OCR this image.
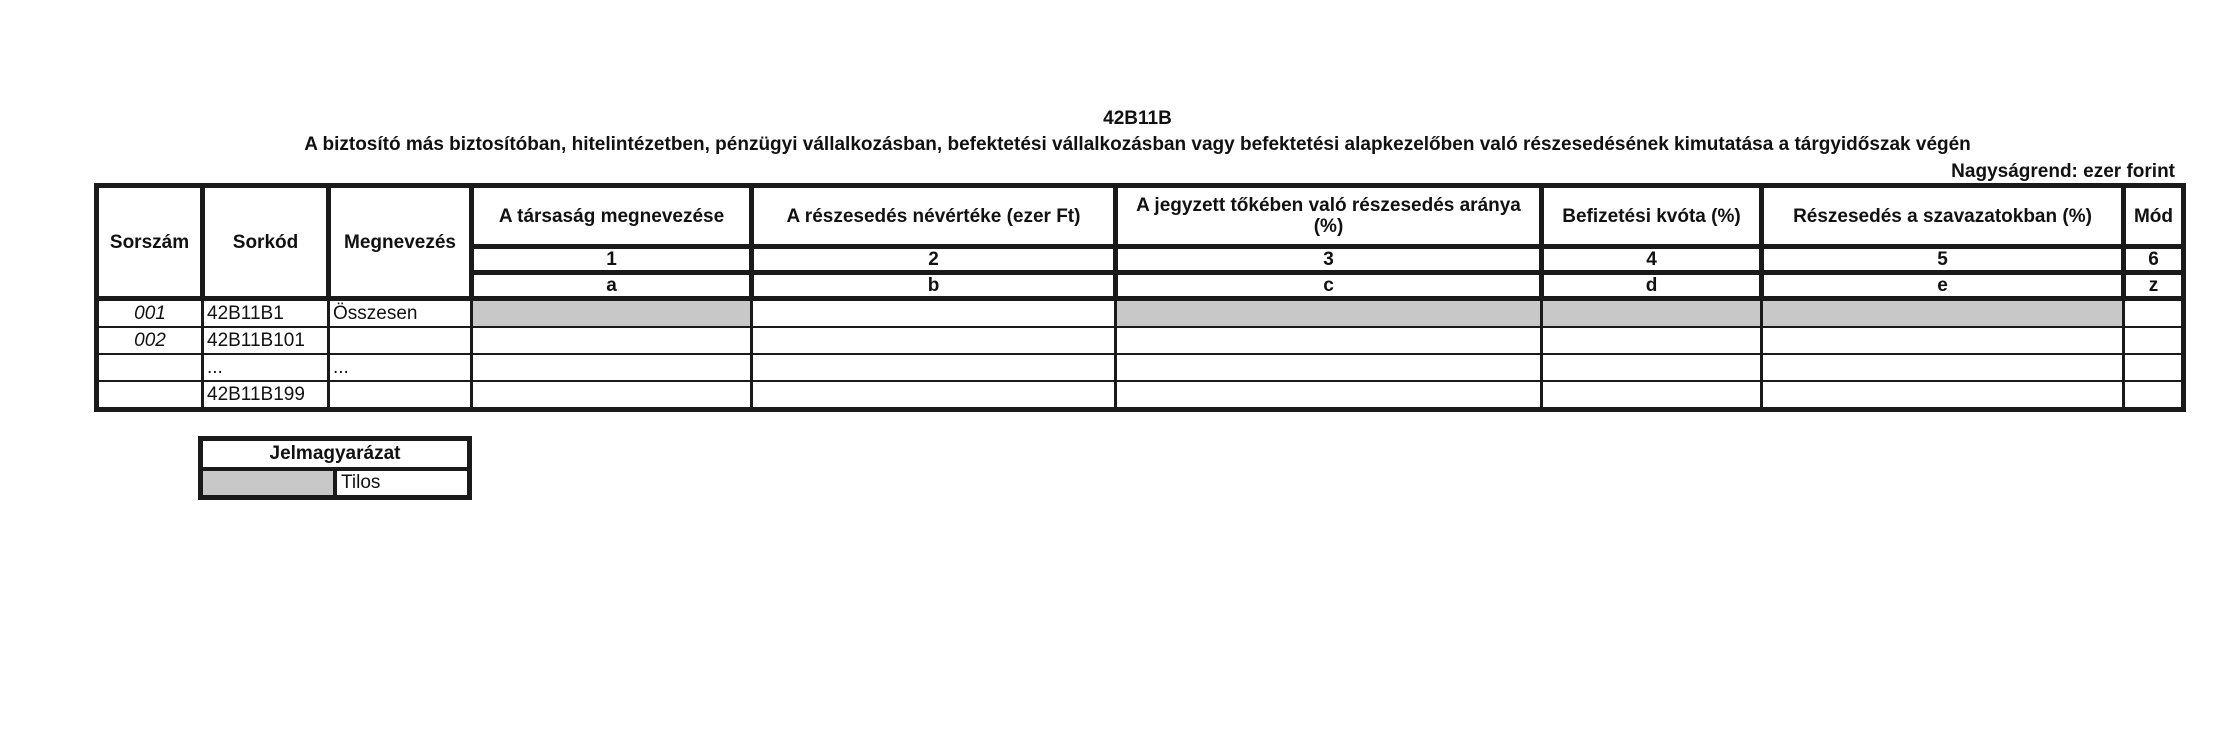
42B11B
A biztosító más biztosítóban, hitelintézetben, pénzügyi vállalkozásban, befektetési vállalkozásban vagy befektetési alapkezelőben való részesedésének kimutatása a tárgyidőszak végén
Nagyságrend: ezer forint
Sorszám	Sorkód	Megnevezés	A társaság megnevezése	A részesedés névértéke (ezer Ft)	A jegyzett tőkében való részesedés aránya (%)	Befizetési kvóta (%)	Részesedés a szavazatokban (%)	Mód
			1	2	3	4	5	6
			a	b	c	d	e	z
001	42B11B1	Összesen						
002	42B11B101							
	...	...						
	42B11B199							
Jelmagyarázat
	Tilos
